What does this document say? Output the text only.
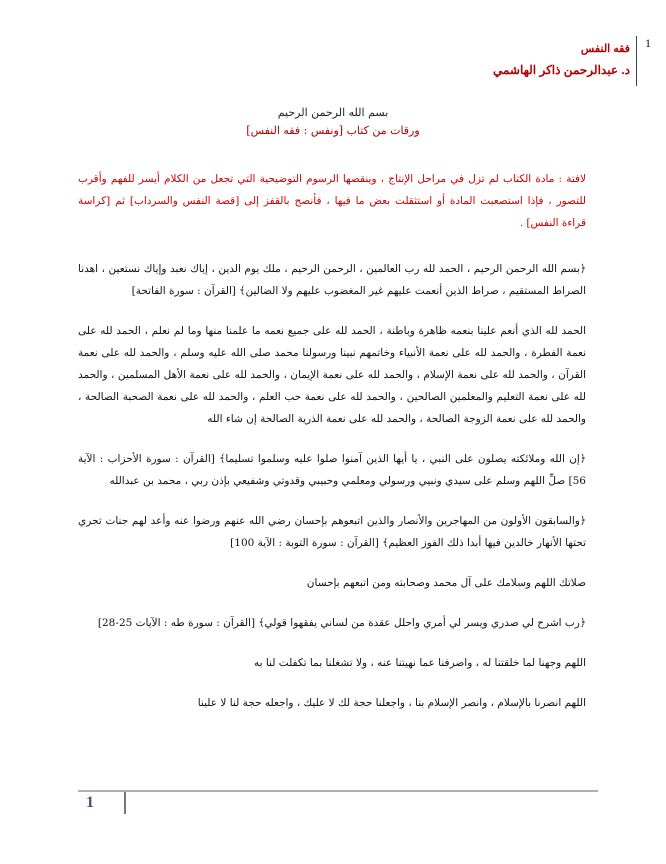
1
فقه النفس
د. عبدالرحمن ذاكر الهاشمي
بسم الله الرحمن الرحيم
ورقات من كتاب [ونفس : فقه النفس]

لافتة : مادة الكتاب لم تزل في مراحل الإنتاج ، وينقصها الرسوم التوضيحية التي تجعل من الكلام أيسر للفهم وأقرب للتصور ، فإذا استصعبت المادة أو استثقلت بعض ما فيها ، فأنصح بالقفز إلى [قصة النفس والسرداب] ثم [كراسة قراءة النفس] .

﴿بسم الله الرحمن الرحيم ، الحمد لله رب العالمين ، الرحمن الرحيم ، ملك يوم الدين ، إياك نعبد وإياك نستعين ، اهدنا الصراط المستقيم ، صراط الذين أنعمت عليهم غير المغضوب عليهم ولا الضالين﴾ [القرآن : سورة الفاتحة]

الحمد لله الذي أنعم علينا بنعمه ظاهرة وباطنة ، الحمد لله على جميع نعمه ما علمنا منها وما لم نعلم ، الحمد لله على نعمة الفطرة ، والحمد لله على نعمة الأنبياء وخاتمهم نبينا ورسولنا محمد صلى الله عليه وسلم ، والحمد لله على نعمة القرآن ، والحمد لله على نعمة الإسلام ، والحمد لله على نعمة الإيمان ، والحمد لله على نعمة الأهل المسلمين ، والحمد لله على نعمة التعليم والمعلمين الصالحين ، والحمد لله على نعمة حب العلم ، والحمد لله على نعمة الصحبة الصالحة ، والحمد لله على نعمة الزوجة الصالحة ، والحمد لله على نعمة الذرية الصالحة إن شاء الله

﴿إن الله وملائكته يصلون على النبي ، يا أيها الذين آمنوا صلوا عليه وسلموا تسليما﴾ [القرآن : سورة الأحزاب : الآية 56] صلِّ اللهم وسلم على سيدي ونبيي ورسولي ومعلمي وحبيبي وقدوتي وشفيعي بإذن ربي ، محمد بن عبدالله

﴿والسابقون الأولون من المهاجرين والأنصار والذين اتبعوهم بإحسان رضي الله عنهم ورضوا عنه وأعد لهم جنات تجري تحتها الأنهار خالدين فيها أبدا ذلك الفوز العظيم﴾ [القرآن : سورة التوبة : الآية 100]

صلاتك اللهم وسلامك على آل محمد وصحابته ومن اتبعهم بإحسان

﴿رب اشرح لي صدري ويسر لي أمري واحلل عقدة من لساني يفقهوا قولي﴾ [القرآن : سورة طه : الآيات 25-28]

اللهم وجهنا لما خلقتنا له ، واصرفنا عما نهيتنا عنه ، ولا تشغلنا بما تكفلت لنا به

اللهم انصرنا بالإسلام ، وانصر الإسلام بنا ، واجعلنا حجة لك لا عليك ، واجعله حجة لنا لا علينا

1
